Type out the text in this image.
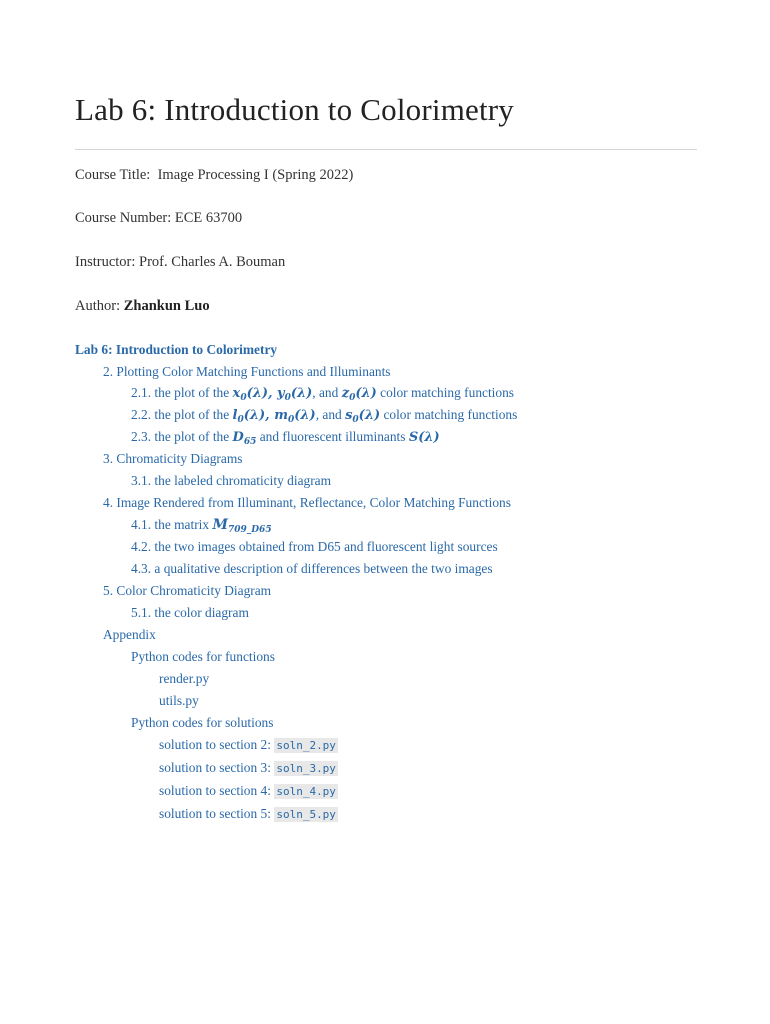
Lab 6: Introduction to Colorimetry
Course Title: Image Processing I (Spring 2022)
Course Number: ECE 63700
Instructor: Prof. Charles A. Bouman
Author: Zhankun Luo
Lab 6: Introduction to Colorimetry
2. Plotting Color Matching Functions and Illuminants
2.1. the plot of the $x_0(\lambda)$, $y_0(\lambda)$, and $z_0(\lambda)$ color matching functions
2.2. the plot of the $l_0(\lambda)$, $m_0(\lambda)$, and $s_0(\lambda)$ color matching functions
2.3. the plot of the $D_{65}$ and fluorescent illuminants S(λ)
3. Chromaticity Diagrams
3.1. the labeled chromaticity diagram
4. Image Rendered from Illuminant, Reflectance, Color Matching Functions
4.1. the matrix $M_{709\_D65}$
4.2. the two images obtained from D65 and fluorescent light sources
4.3. a qualitative description of differences between the two images
5. Color Chromaticity Diagram
5.1. the color diagram
Appendix
Python codes for functions
render.py
utils.py
Python codes for solutions
solution to section 2: soln_2.py
solution to section 3: soln_3.py
solution to section 4: soln_4.py
solution to section 5: soln_5.py
